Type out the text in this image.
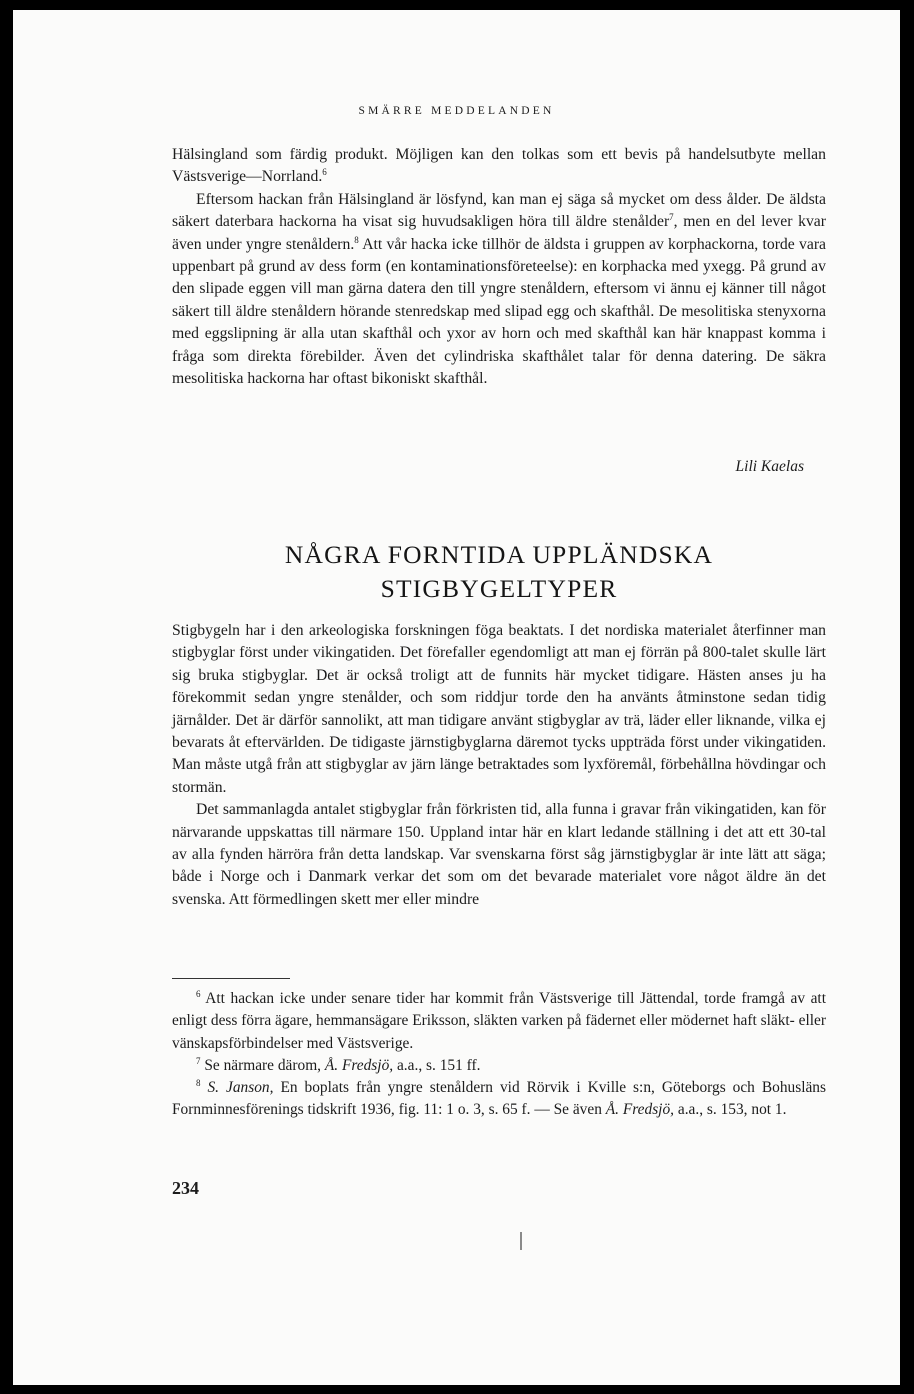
SMÄRRE MEDDELANDEN

Hälsingland som färdig produkt. Möjligen kan den tolkas som ett bevis på handelsutbyte mellan Västsverige—Norrland.$^6$

Eftersom hackan från Hälsingland är lösfynd, kan man ej säga så mycket om dess ålder. De äldsta säkert daterbara hackorna ha visat sig huvudsakligen höra till äldre stenålder$^7$, men en del lever kvar även under yngre stenåldern.$^8$ Att vår hacka icke tillhör de äldsta i gruppen av korphackorna, torde vara uppenbart på grund av dess form (en kontaminationsföreteelse): en korphacka med yxegg. På grund av den slipade eggen vill man gärna datera den till yngre stenåldern, eftersom vi ännu ej känner till något säkert till äldre stenåldern hörande stenredskap med slipad egg och skafthål. De mesolitiska stenyxorna med eggslipning är alla utan skafthål och yxor av horn och med skafthål kan här knappast komma i fråga som direkta förebilder. Även det cylindriska skafthålet talar för denna datering. De säkra mesolitiska hackorna har oftast bikoniskt skafthål.

Lili Kaelas
NÅGRA FORNTIDA UPPLÄNDSKA
STIGBYGELTYPER

Stigbygeln har i den arkeologiska forskningen föga beaktats. I det nordiska materialet återfinner man stigbyglar först under vikingatiden. Det förefaller egendomligt att man ej förrän på 800-talet skulle lärt sig bruka stigbyglar. Det är också troligt att de funnits här mycket tidigare. Hästen anses ju ha förekommit sedan yngre stenålder, och som riddjur torde den ha använts åtminstone sedan tidig järnålder. Det är därför sannolikt, att man tidigare använt stigbyglar av trä, läder eller liknande, vilka ej bevarats åt eftervärlden. De tidigaste järnstigbyglarna däremot tycks uppträda först under vikingatiden. Man måste utgå från att stigbyglar av järn länge betraktades som lyxföremål, förbehållna hövdingar och stormän.

Det sammanlagda antalet stigbyglar från förkristen tid, alla funna i gravar från vikingatiden, kan för närvarande uppskattas till närmare 150. Uppland intar här en klart ledande ställning i det att ett 30-tal av alla fynden härröra från detta landskap. Var svenskarna först såg järnstigbyglar är inte lätt att säga; både i Norge och i Danmark verkar det som om det bevarade materialet vore något äldre än det svenska. Att förmedlingen skett mer eller mindre

$^6$ Att hackan icke under senare tider har kommit från Västsverige till Jättendal, torde framgå av att enligt dess förra ägare, hemmansägare Eriksson, släkten varken på fädernet eller mödernet haft släkt- eller vänskapsförbindelser med Västsverige.

$^7$ Se närmare därom, Å. Fredsjö, a.a., s. 151 ff.

$^8$ S. Janson, En boplats från yngre stenåldern vid Rörvik i Kville s:n, Göteborgs och Bohusläns Fornminnesförenings tidskrift 1936, fig. 11: 1 o. 3, s. 65 f. — Se även Å. Fredsjö, a.a., s. 153, not 1.

234
